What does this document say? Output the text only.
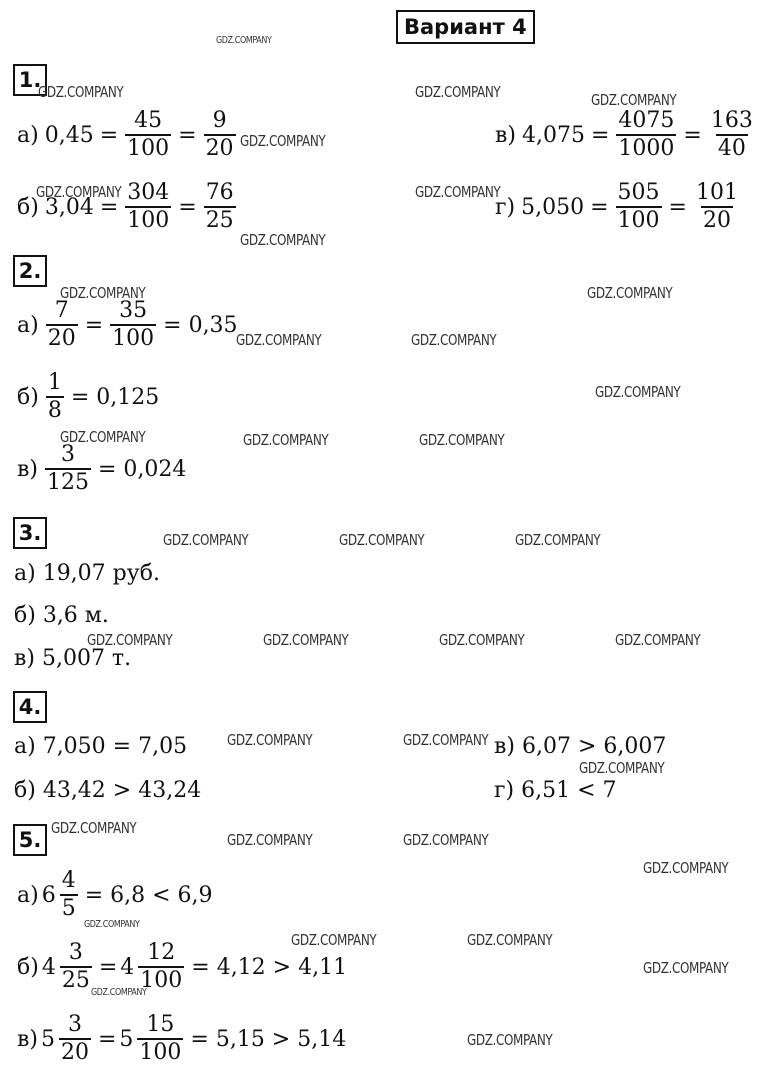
Вариант 4
1.
а) $0,45 = \frac{45}{100} = \frac{9}{20}$
б) $3,04 = \frac{304}{100} = \frac{76}{25}$
в) $4,075 = \frac{4075}{1000} = \frac{163}{40}$
г) $5,050 = \frac{505}{100} = \frac{101}{20}$
2.
$а) \frac{7}{20} = \frac{35}{100} = 0,35$
$б) \frac{1}{8} = 0,125$
$в) \frac{3}{125} = 0,024$
3.
а) 19,07 руб.
б) 3,6 м.
в) 5,007 т.
4.
а) 7,050 = 7,05
б) 43,42 > 43,24
в) 6,07 > 6,007
г) 6,51 < 7
5.
а) $6 \frac{4}{5} = 6,8 < 6,9$
б) $4 \frac{3}{25} = 4 \frac{12}{100} = 4,12 > 4,11$
в) $5 \frac{3}{20} = 5 \frac{15}{100} = 5,15 > 5,14$
GDZ.COMPANY
GDZ.COMPANY	GDZ.COMPANY	GDZ.COMPANY
GDZ.COMPANY
GDZ.COMPANY	GDZ.COMPANY
GDZ.COMPANY
GDZ.COMPANY	GDZ.COMPANY
GDZ.COMPANY	GDZ.COMPANY
GDZ.COMPANY
GDZ.COMPANY	GDZ.COMPANY	GDZ.COMPANY
GDZ.COMPANY	GDZ.COMPANY	GDZ.COMPANY
GDZ.COMPANY	GDZ.COMPANY	GDZ.COMPANY	GDZ.COMPANY
GDZ.COMPANY	GDZ.COMPANY
GDZ.COMPANY
GDZ.COMPANY
GDZ.COMPANY	GDZ.COMPANY
GDZ.COMPANY
GDZ.COMPANY
GDZ.COMPANY	GDZ.COMPANY
GDZ.COMPANY
GDZ.COMPANY
GDZ.COMPANY
